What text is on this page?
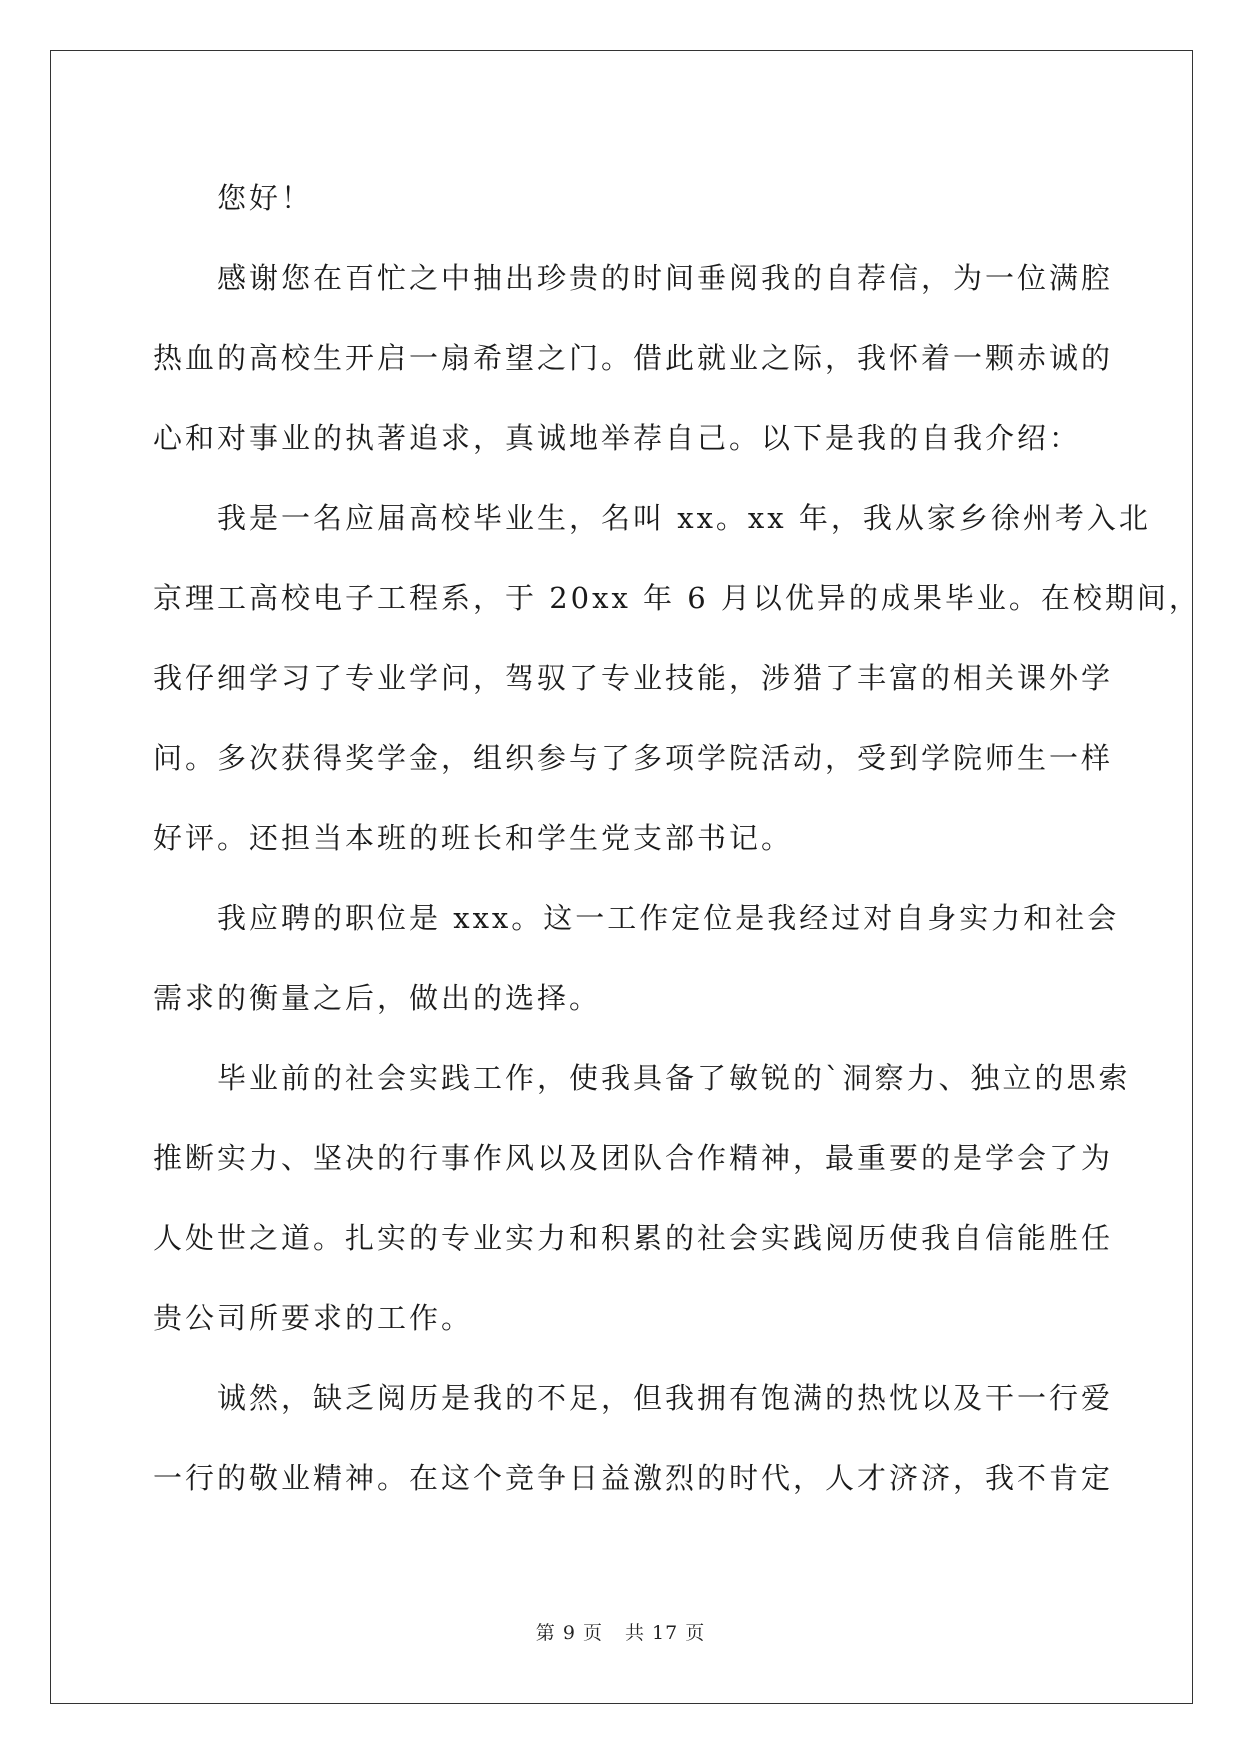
您好！
感谢您在百忙之中抽出珍贵的时间垂阅我的自荐信，为一位满腔
热血的高校生开启一扇希望之门。借此就业之际，我怀着一颗赤诚的
心和对事业的执著追求，真诚地举荐自己。以下是我的自我介绍：
我是一名应届高校毕业生，名叫 xx。xx 年，我从家乡徐州考入北
京理工高校电子工程系，于 20xx 年 6 月以优异的成果毕业。在校期间，
我仔细学习了专业学问，驾驭了专业技能，涉猎了丰富的相关课外学
问。多次获得奖学金，组织参与了多项学院活动，受到学院师生一样
好评。还担当本班的班长和学生党支部书记。
我应聘的职位是 xxx。这一工作定位是我经过对自身实力和社会
需求的衡量之后，做出的选择。
毕业前的社会实践工作，使我具备了敏锐的`洞察力、独立的思索
推断实力、坚决的行事作风以及团队合作精神，最重要的是学会了为
人处世之道。扎实的专业实力和积累的社会实践阅历使我自信能胜任
贵公司所要求的工作。
诚然，缺乏阅历是我的不足，但我拥有饱满的热忱以及干一行爱
一行的敬业精神。在这个竞争日益激烈的时代，人才济济，我不肯定
第 9 页 共 17 页
